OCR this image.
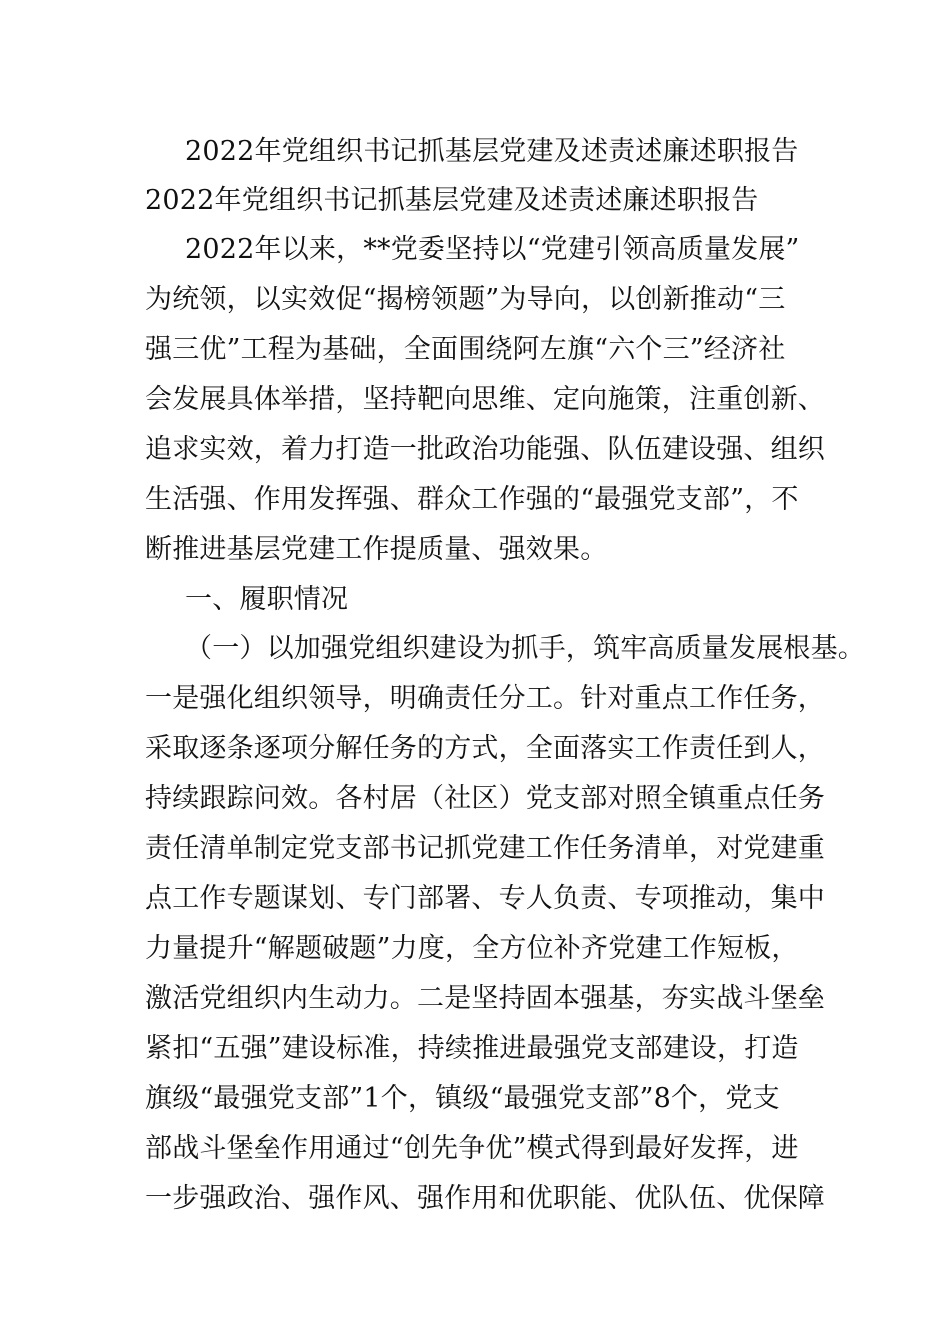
2022年党组织书记抓基层党建及述责述廉述职报告
2022年党组织书记抓基层党建及述责述廉述职报告
2022年以来，**党委坚持以“党建引领高质量发展”
为统领，以实效促“揭榜领题”为导向，以创新推动“三
强三优”工程为基础，全面围绕阿左旗“六个三”经济社
会发展具体举措，坚持靶向思维、定向施策，注重创新、
追求实效，着力打造一批政治功能强、队伍建设强、组织
生活强、作用发挥强、群众工作强的“最强党支部”，不
断推进基层党建工作提质量、强效果。
一、履职情况
（一）以加强党组织建设为抓手，筑牢高质量发展根基。
一是强化组织领导，明确责任分工。针对重点工作任务，
采取逐条逐项分解任务的方式，全面落实工作责任到人，
持续跟踪问效。各村居（社区）党支部对照全镇重点任务
责任清单制定党支部书记抓党建工作任务清单，对党建重
点工作专题谋划、专门部署、专人负责、专项推动，集中
力量提升“解题破题”力度，全方位补齐党建工作短板，
激活党组织内生动力。二是坚持固本强基，夯实战斗堡垒
紧扣“五强”建设标准，持续推进最强党支部建设，打造
旗级“最强党支部”1个，镇级“最强党支部”8个，党支
部战斗堡垒作用通过“创先争优”模式得到最好发挥，进
一步强政治、强作风、强作用和优职能、优队伍、优保障
